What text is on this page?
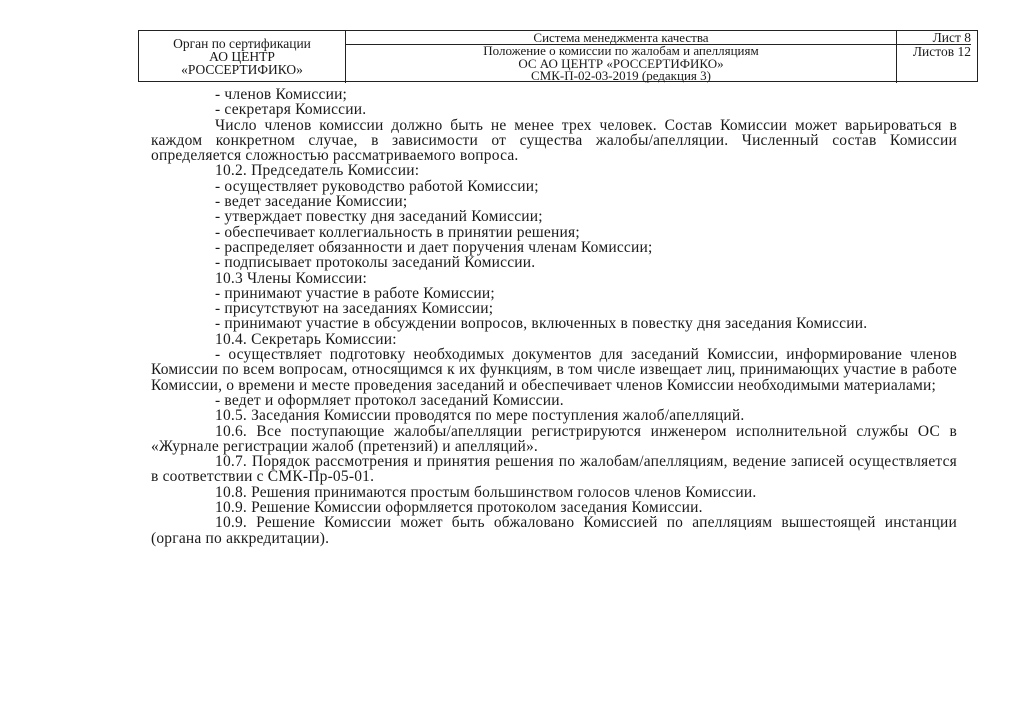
Орган по сертификации
АО ЦЕНТР
«РОССЕРТИФИКО»
Система менеджмента качества
Положение о комиссии по жалобам и апелляциям
ОС АО ЦЕНТР «РОССЕРТИФИКО»
СМК-П-02-03-2019 (редакция 3)
Лист 8
Листов 12

- членов Комиссии;

- секретаря Комиссии.

Число членов комиссии должно быть не менее трех человек. Состав Комиссии может варьироваться в каждом конкретном случае, в зависимости от существа жалобы/апелляции. Численный состав Комиссии определяется сложностью рассматриваемого вопроса.

10.2. Председатель Комиссии:

- осуществляет руководство работой Комиссии;

- ведет заседание Комиссии;

- утверждает повестку дня заседаний Комиссии;

- обеспечивает коллегиальность в принятии решения;

- распределяет обязанности и дает поручения членам Комиссии;

- подписывает протоколы заседаний Комиссии.

10.3 Члены Комиссии:

- принимают участие в работе Комиссии;

- присутствуют на заседаниях Комиссии;

- принимают участие в обсуждении вопросов, включенных в повестку дня заседания Комиссии.

10.4. Секретарь Комиссии:

- осуществляет подготовку необходимых документов для заседаний Комиссии, информирование членов Комиссии по всем вопросам, относящимся к их функциям, в том числе извещает лиц, принимающих участие в работе Комиссии, о времени и месте проведения заседаний и обеспечивает членов Комиссии необходимыми материалами;

- ведет и оформляет протокол заседаний Комиссии.

10.5. Заседания Комиссии проводятся по мере поступления жалоб/апелляций.

10.6. Все поступающие жалобы/апелляции регистрируются инженером исполнительной службы ОС в «Журнале регистрации жалоб (претензий) и апелляций».

10.7. Порядок рассмотрения и принятия решения по жалобам/апелляциям, ведение записей осуществляется в соответствии с СМК-Пр-05-01.

10.8. Решения принимаются простым большинством голосов членов Комиссии.

10.9. Решение Комиссии оформляется протоколом заседания Комиссии.

10.9. Решение Комиссии может быть обжаловано Комиссией по апелляциям вышестоящей инстанции (органа по аккредитации).
